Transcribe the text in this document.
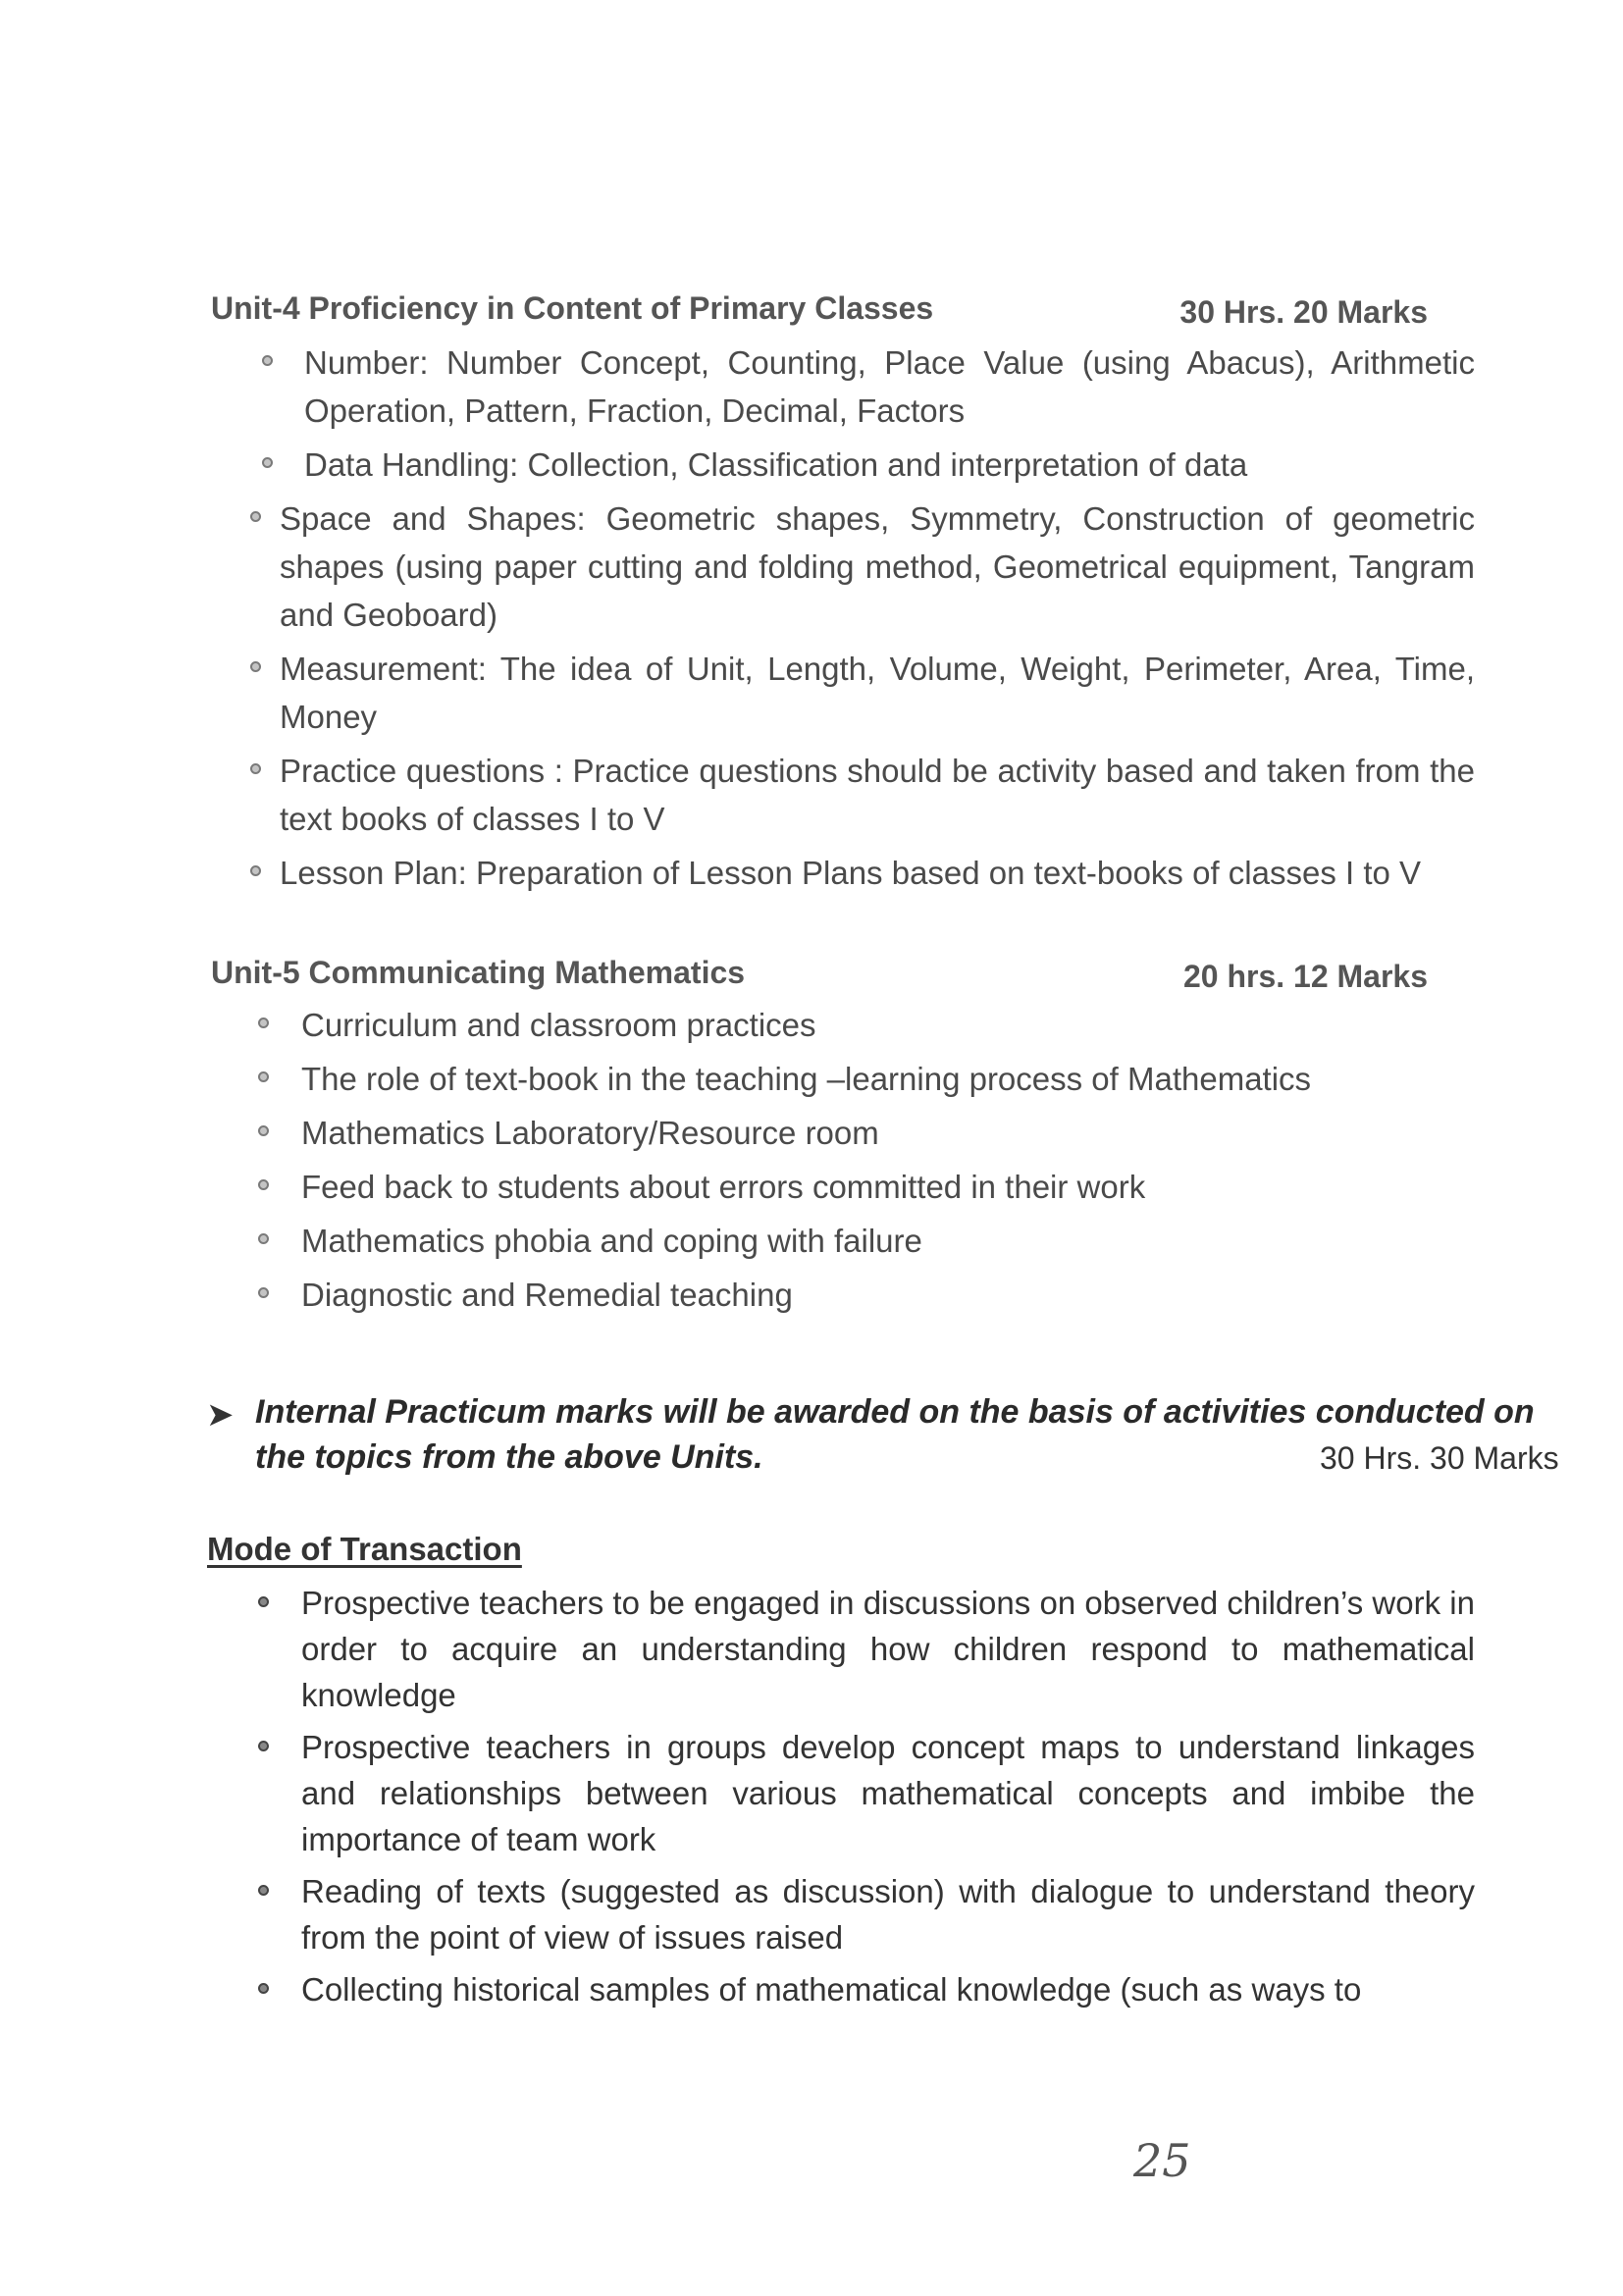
Unit-4 Proficiency in Content of Primary Classes	30 Hrs. 20 Marks
Number: Number Concept, Counting, Place Value (using Abacus), Arithmetic Operation, Pattern, Fraction, Decimal, Factors
Data Handling: Collection, Classification and interpretation of data
Space and Shapes: Geometric shapes, Symmetry, Construction of geometric shapes (using paper cutting and folding method, Geometrical equipment, Tangram and Geoboard)
Measurement: The idea of Unit, Length, Volume, Weight, Perimeter, Area, Time, Money
Practice questions : Practice questions should be activity based and taken from the text books of classes I to V
Lesson Plan: Preparation of Lesson Plans based on text-books of classes I to V
Unit-5 Communicating Mathematics	20 hrs. 12 Marks
Curriculum and classroom practices
The role of text-book in the teaching –learning process of Mathematics
Mathematics Laboratory/Resource room
Feed back to students about errors committed in their work
Mathematics phobia and coping with failure
Diagnostic and Remedial teaching
➤ Internal Practicum marks will be awarded on the basis of activities conducted on
the topics from the above Units.	30 Hrs. 30 Marks
Mode of Transaction
Prospective teachers to be engaged in discussions on observed children’s work in order to acquire an understanding how children respond to mathematical knowledge
Prospective teachers in groups develop concept maps to understand linkages and relationships between various mathematical concepts and imbibe the importance of team work
Reading of texts (suggested as discussion) with dialogue to understand theory from the point of view of issues raised
Collecting historical samples of mathematical knowledge (such as ways to
25
